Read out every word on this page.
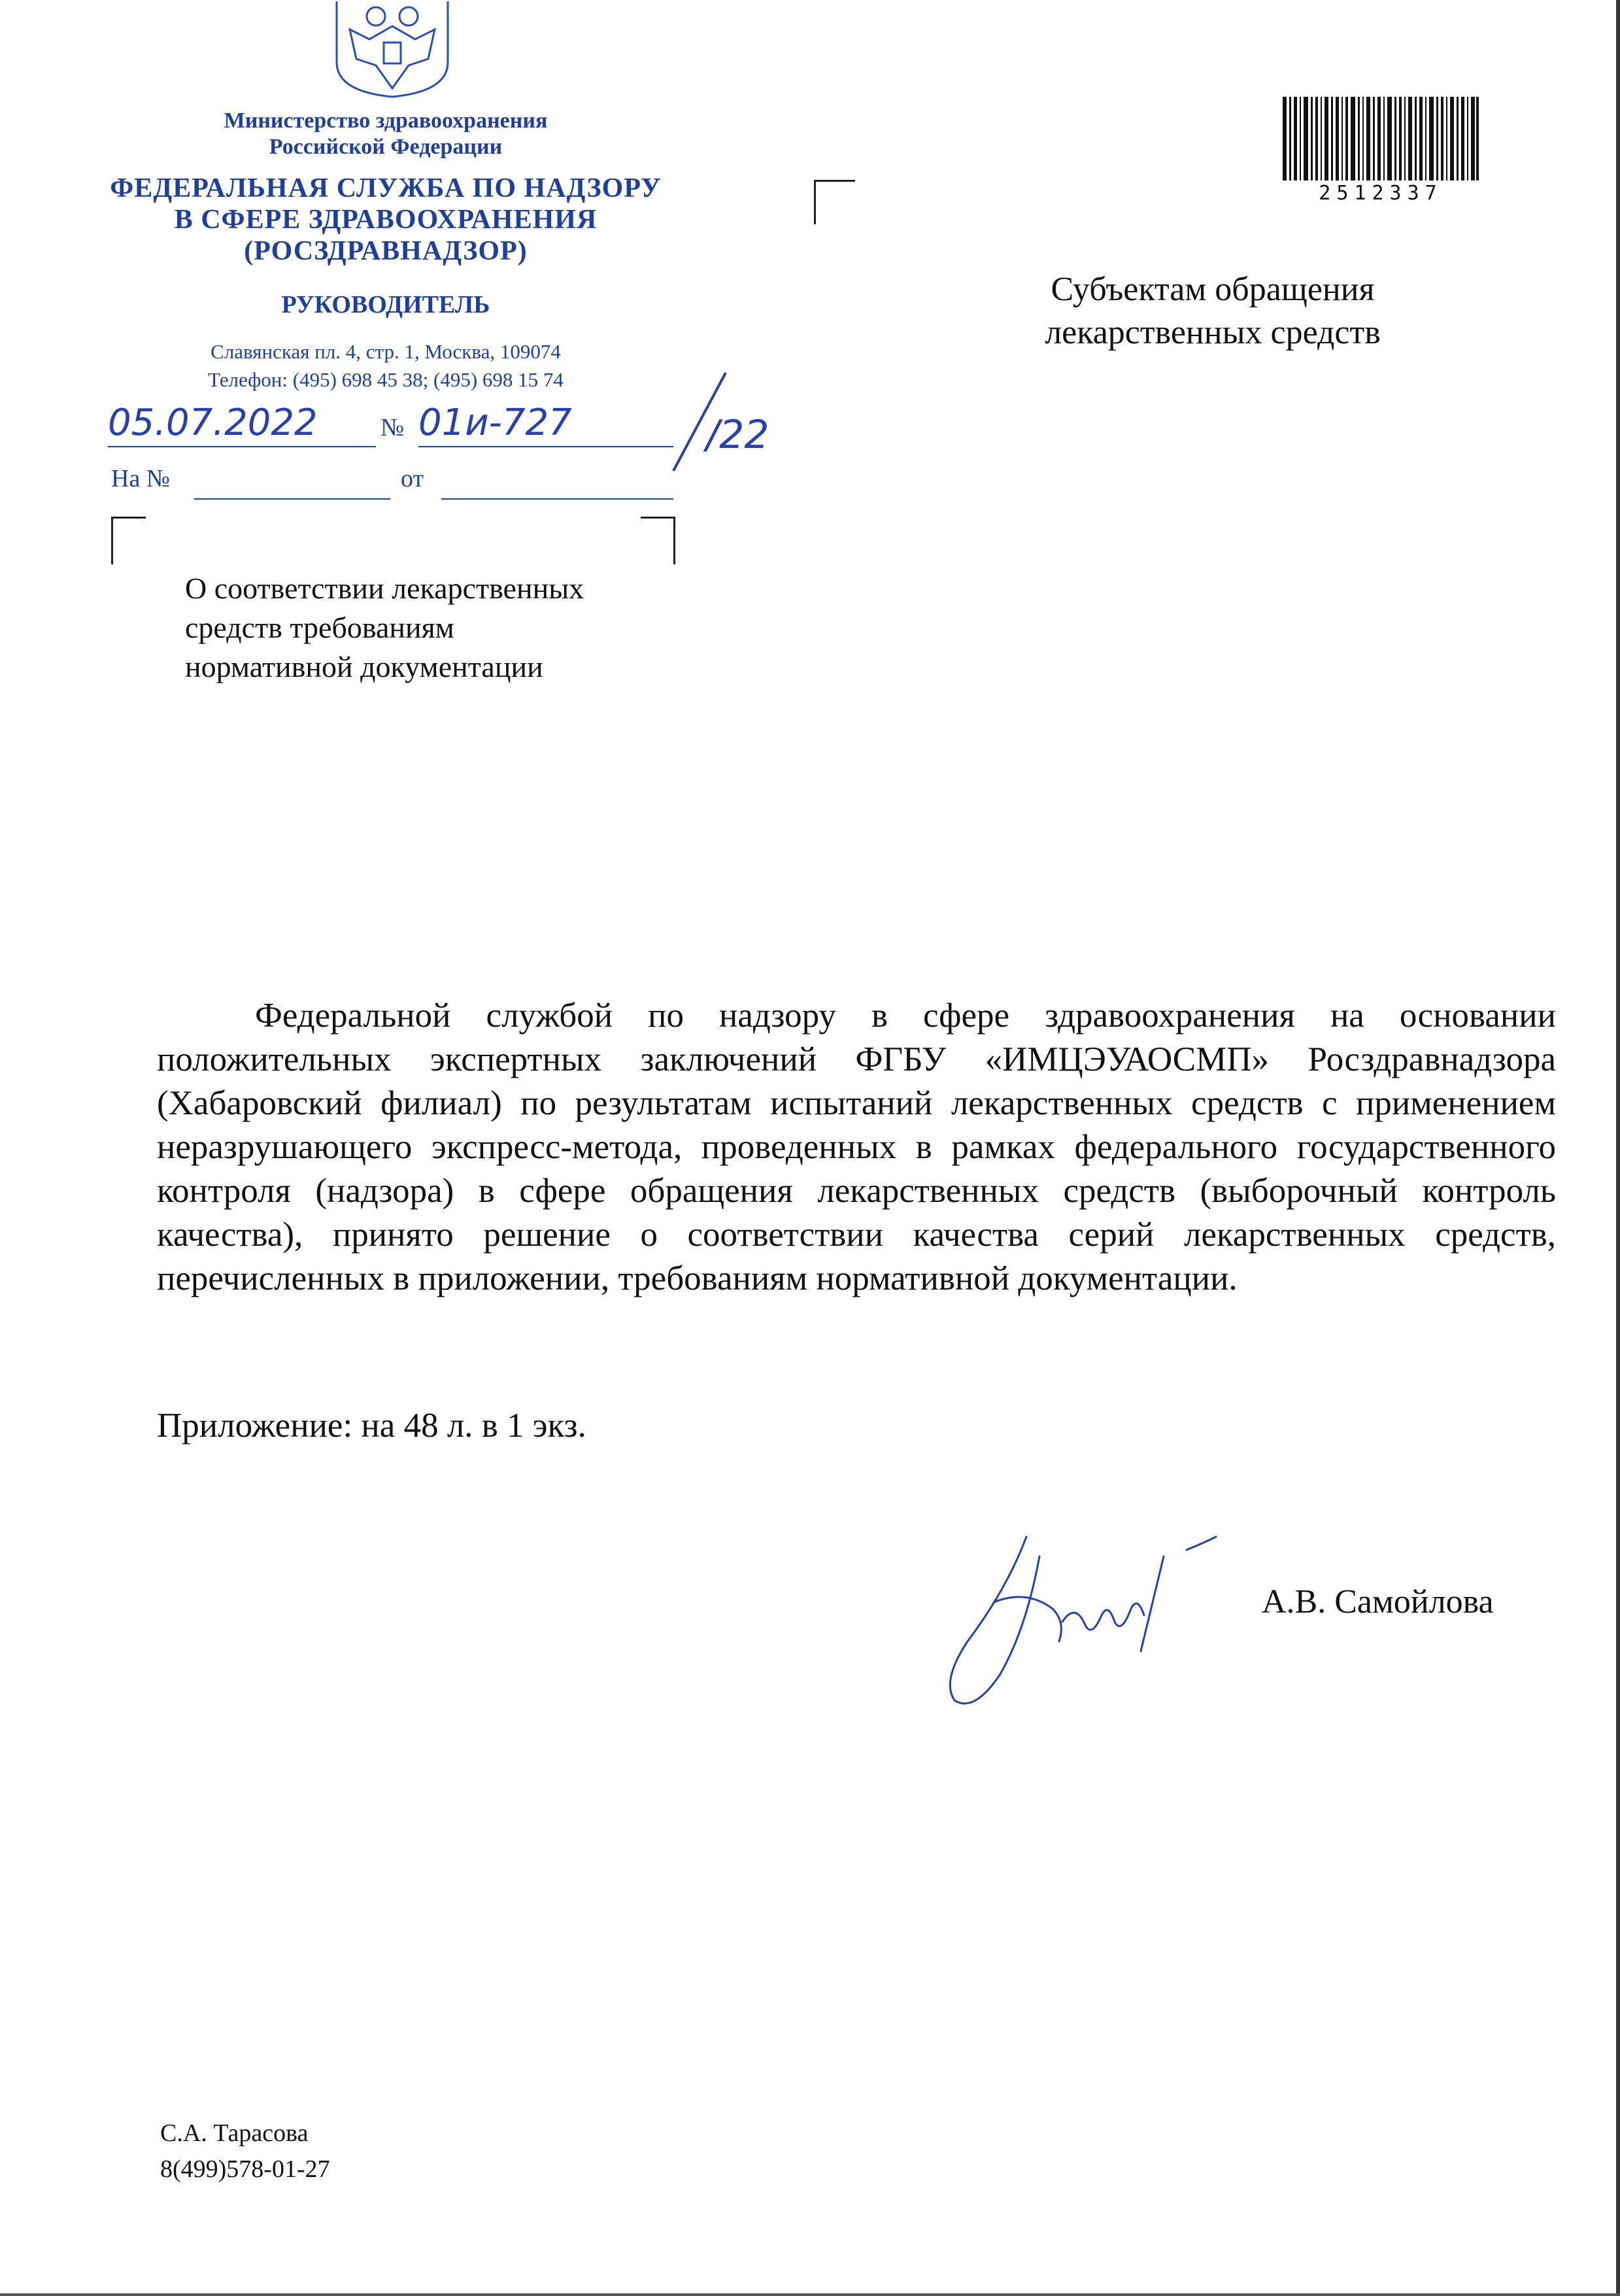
Министерство здравоохранения
Российской Федерации
ФЕДЕРАЛЬНАЯ СЛУЖБА ПО НАДЗОРУ
В СФЕРЕ ЗДРАВООХРАНЕНИЯ
(РОСЗДРАВНАДЗОР)
РУКОВОДИТЕЛЬ
Славянская пл. 4, стр. 1, Москва, 109074
Телефон: (495) 698 45 38; (495) 698 15 74
05.07.2022	№ 01и-727	/22
На №	от
О соответствии лекарственных
средств требованиям
нормативной документации
2512337
Субъектам обращения
лекарственных средств

Федеральной службой по надзору в сфере здравоохранения на основании положительных экспертных заключений ФГБУ «ИМЦЭУАОСМП» Росздравнадзора (Хабаровский филиал) по результатам испытаний лекарственных средств с применением неразрушающего экспресс-метода, проведенных в рамках федерального государственного контроля (надзора) в сфере обращения лекарственных средств (выборочный контроль качества), принято решение о соответствии качества серий лекарственных средств, перечисленных в приложении, требованиям нормативной документации.

Приложение: на 48 л. в 1 экз.
А.В. Самойлова
С.А. Тарасова
8(499)578-01-27
